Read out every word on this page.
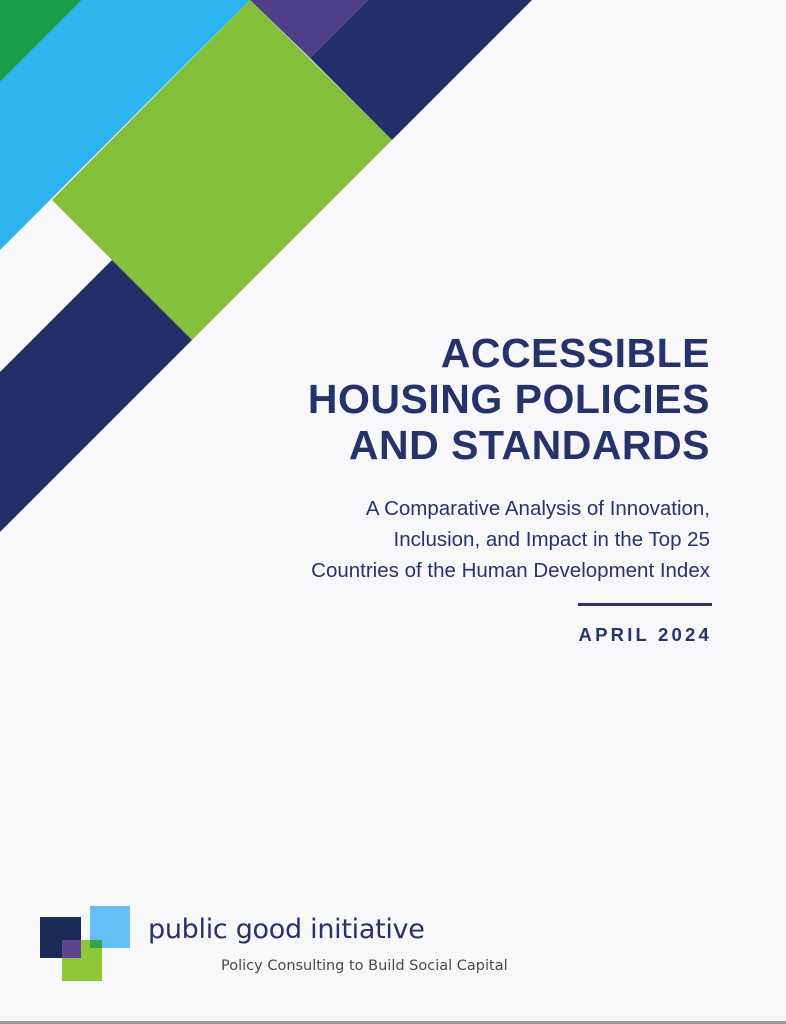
ACCESSIBLE
HOUSING POLICIES
AND STANDARDS
A Comparative Analysis of Innovation,
Inclusion, and Impact in the Top 25
Countries of the Human Development Index
APRIL 2024
public good initiative
Policy Consulting to Build Social Capital
